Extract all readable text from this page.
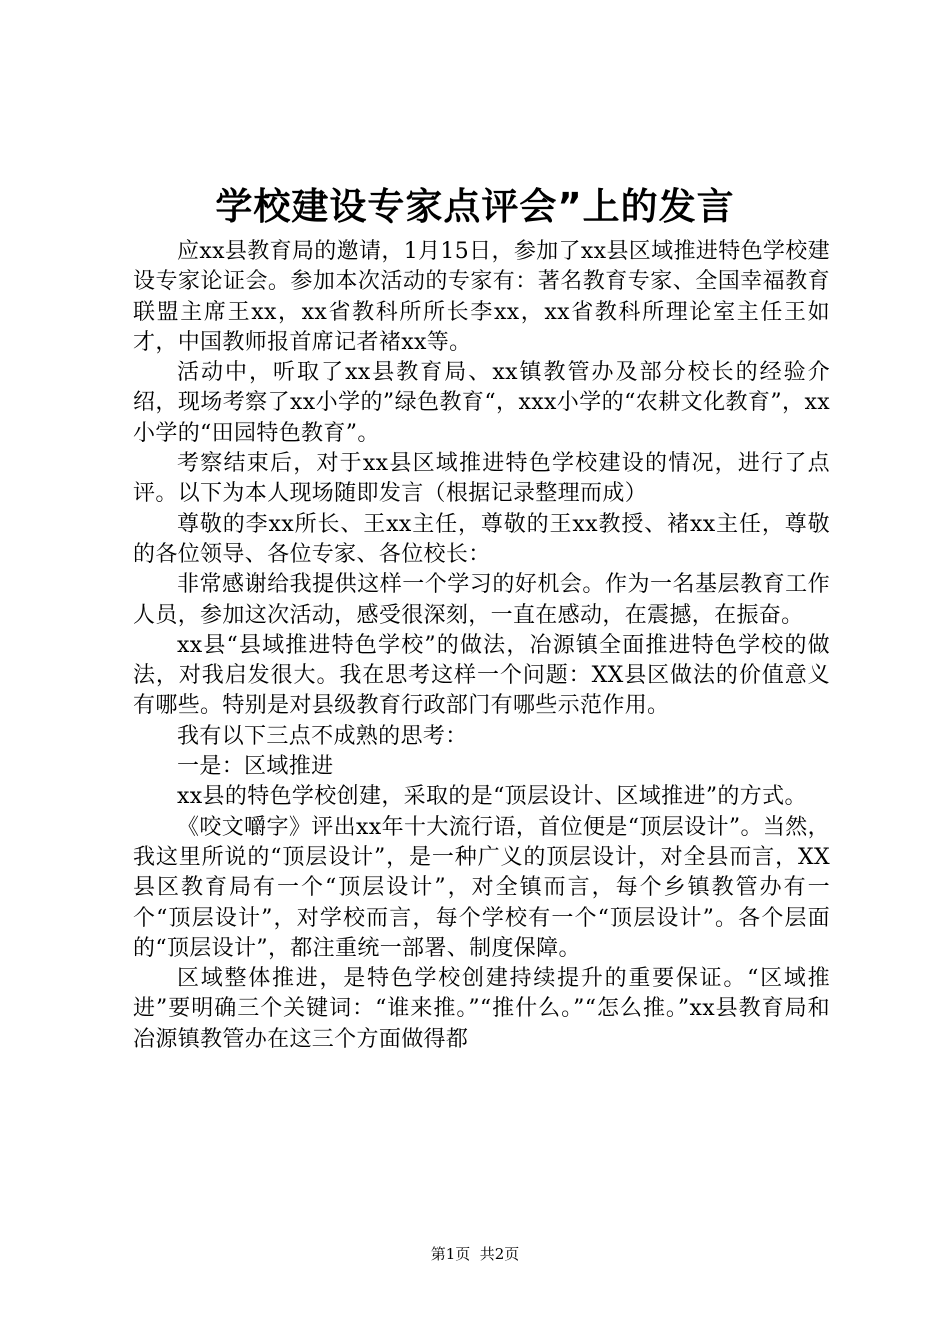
学校建设专家点评会”上的发言

应xx县教育局的邀请，1月15日，参加了xx县区域推进特色学校建设专家论证会。参加本次活动的专家有：著名教育专家、全国幸福教育联盟主席王xx，xx省教科所所长李xx，xx省教科所理论室主任王如才，中国教师报首席记者褚xx等。

活动中，听取了xx县教育局、xx镇教管办及部分校长的经验介绍，现场考察了xx小学的”绿色教育“，xxx小学的“农耕文化教育”，xx小学的“田园特色教育”。

考察结束后，对于xx县区域推进特色学校建设的情况，进行了点评。以下为本人现场随即发言（根据记录整理而成）

尊敬的李xx所长、王xx主任，尊敬的王xx教授、褚xx主任，尊敬的各位领导、各位专家、各位校长：

非常感谢给我提供这样一个学习的好机会。作为一名基层教育工作人员，参加这次活动，感受很深刻，一直在感动，在震撼，在振奋。

xx县“县域推进特色学校”的做法，冶源镇全面推进特色学校的做法，对我启发很大。我在思考这样一个问题：XX县区做法的价值意义有哪些。特别是对县级教育行政部门有哪些示范作用。

我有以下三点不成熟的思考：

一是：区域推进

xx县的特色学校创建，采取的是“顶层设计、区域推进”的方式。

《咬文嚼字》评出xx年十大流行语，首位便是“顶层设计”。当然，我这里所说的“顶层设计”，是一种广义的顶层设计，对全县而言，XX县区教育局有一个“顶层设计”，对全镇而言，每个乡镇教管办有一个“顶层设计”，对学校而言，每个学校有一个“顶层设计”。各个层面的“顶层设计”，都注重统一部署、制度保障。

区域整体推进，是特色学校创建持续提升的重要保证。“区域推进”要明确三个关键词：“谁来推。”“推什么。”“怎么推。”xx县教育局和冶源镇教管办在这三个方面做得都

第1页  共2页
